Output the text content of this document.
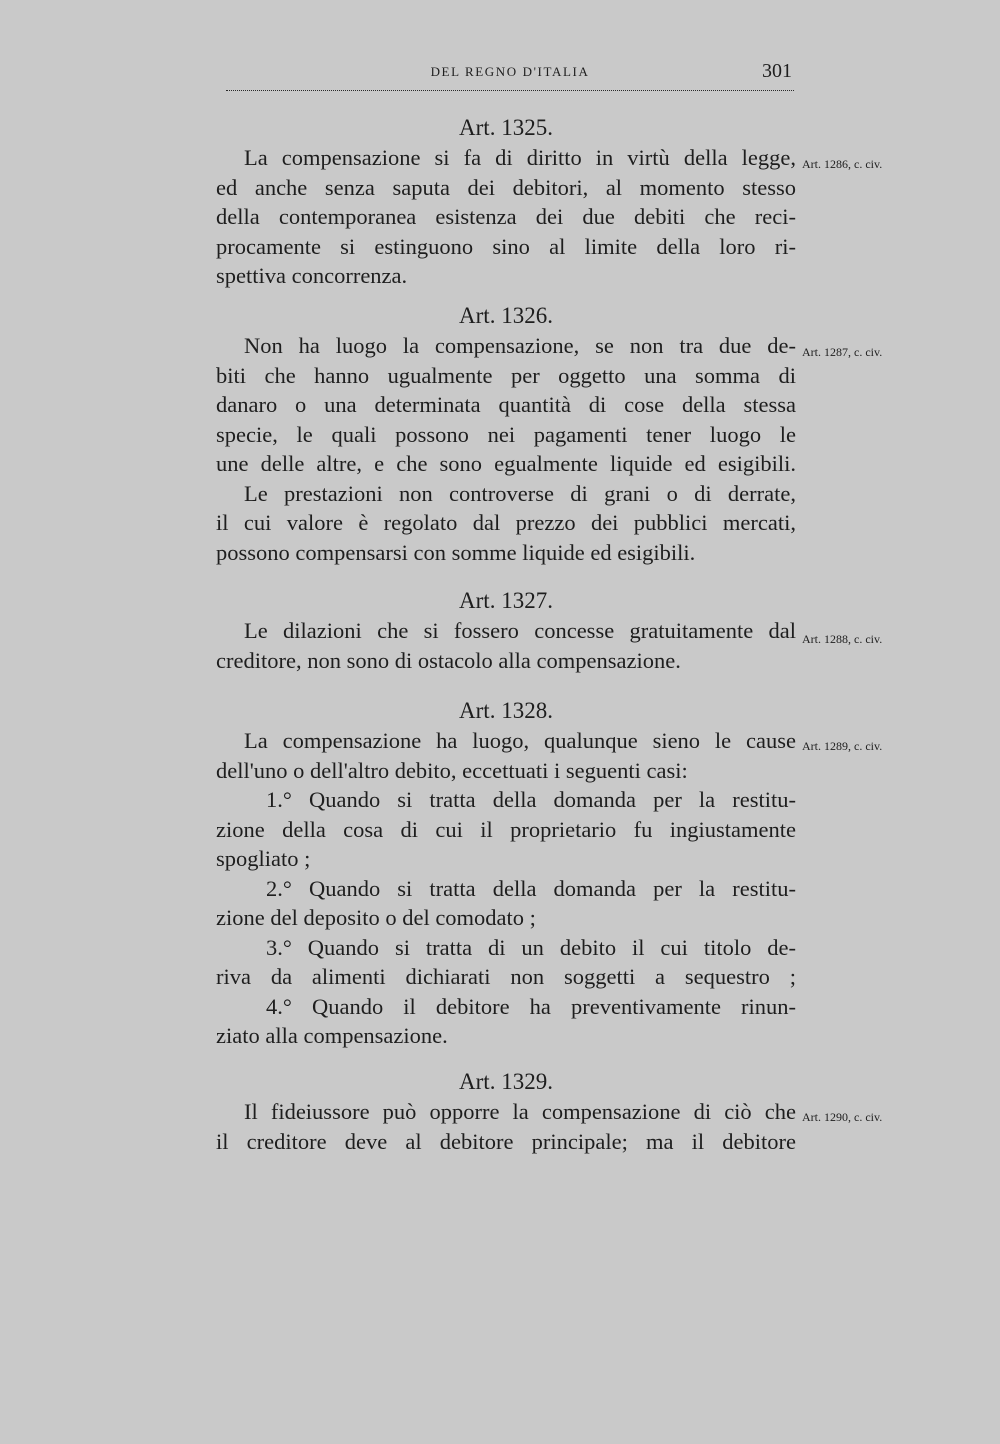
DEL REGNO D'ITALIA	301
Art. 1325.
Art. 1286, c. civ.

La compensazione si fa di diritto in virtù della legge,
ed anche senza saputa dei debitori, al momento stesso
della contemporanea esistenza dei due debiti che reci-
procamente si estinguono sino al limite della loro ri-
spettiva concorrenza.

Art. 1326.
Art. 1287, c. civ.

Non ha luogo la compensazione, se non tra due de-
biti che hanno ugualmente per oggetto una somma di
danaro o una determinata quantità di cose della stessa
specie, le quali possono nei pagamenti tener luogo le
une delle altre, e che sono egualmente liquide ed esigibili.
Le prestazioni non controverse di grani o di derrate,
il cui valore è regolato dal prezzo dei pubblici mercati,
possono compensarsi con somme liquide ed esigibili.

Art. 1327.
Art. 1288, c. civ.

Le dilazioni che si fossero concesse gratuitamente dal
creditore, non sono di ostacolo alla compensazione.

Art. 1328.
Art. 1289, c. civ.

La compensazione ha luogo, qualunque sieno le cause
dell'uno o dell'altro debito, eccettuati i seguenti casi:
1.° Quando si tratta della domanda per la restitu-
zione della cosa di cui il proprietario fu ingiustamente
spogliato ;
2.° Quando si tratta della domanda per la restitu-
zione del deposito o del comodato ;
3.° Quando si tratta di un debito il cui titolo de-
riva da alimenti dichiarati non soggetti a sequestro ;
4.° Quando il debitore ha preventivamente rinun-
ziato alla compensazione.

Art. 1329.
Art. 1290, c. civ.

Il fideiussore può opporre la compensazione di ciò che
il creditore deve al debitore principale; ma il debitore
